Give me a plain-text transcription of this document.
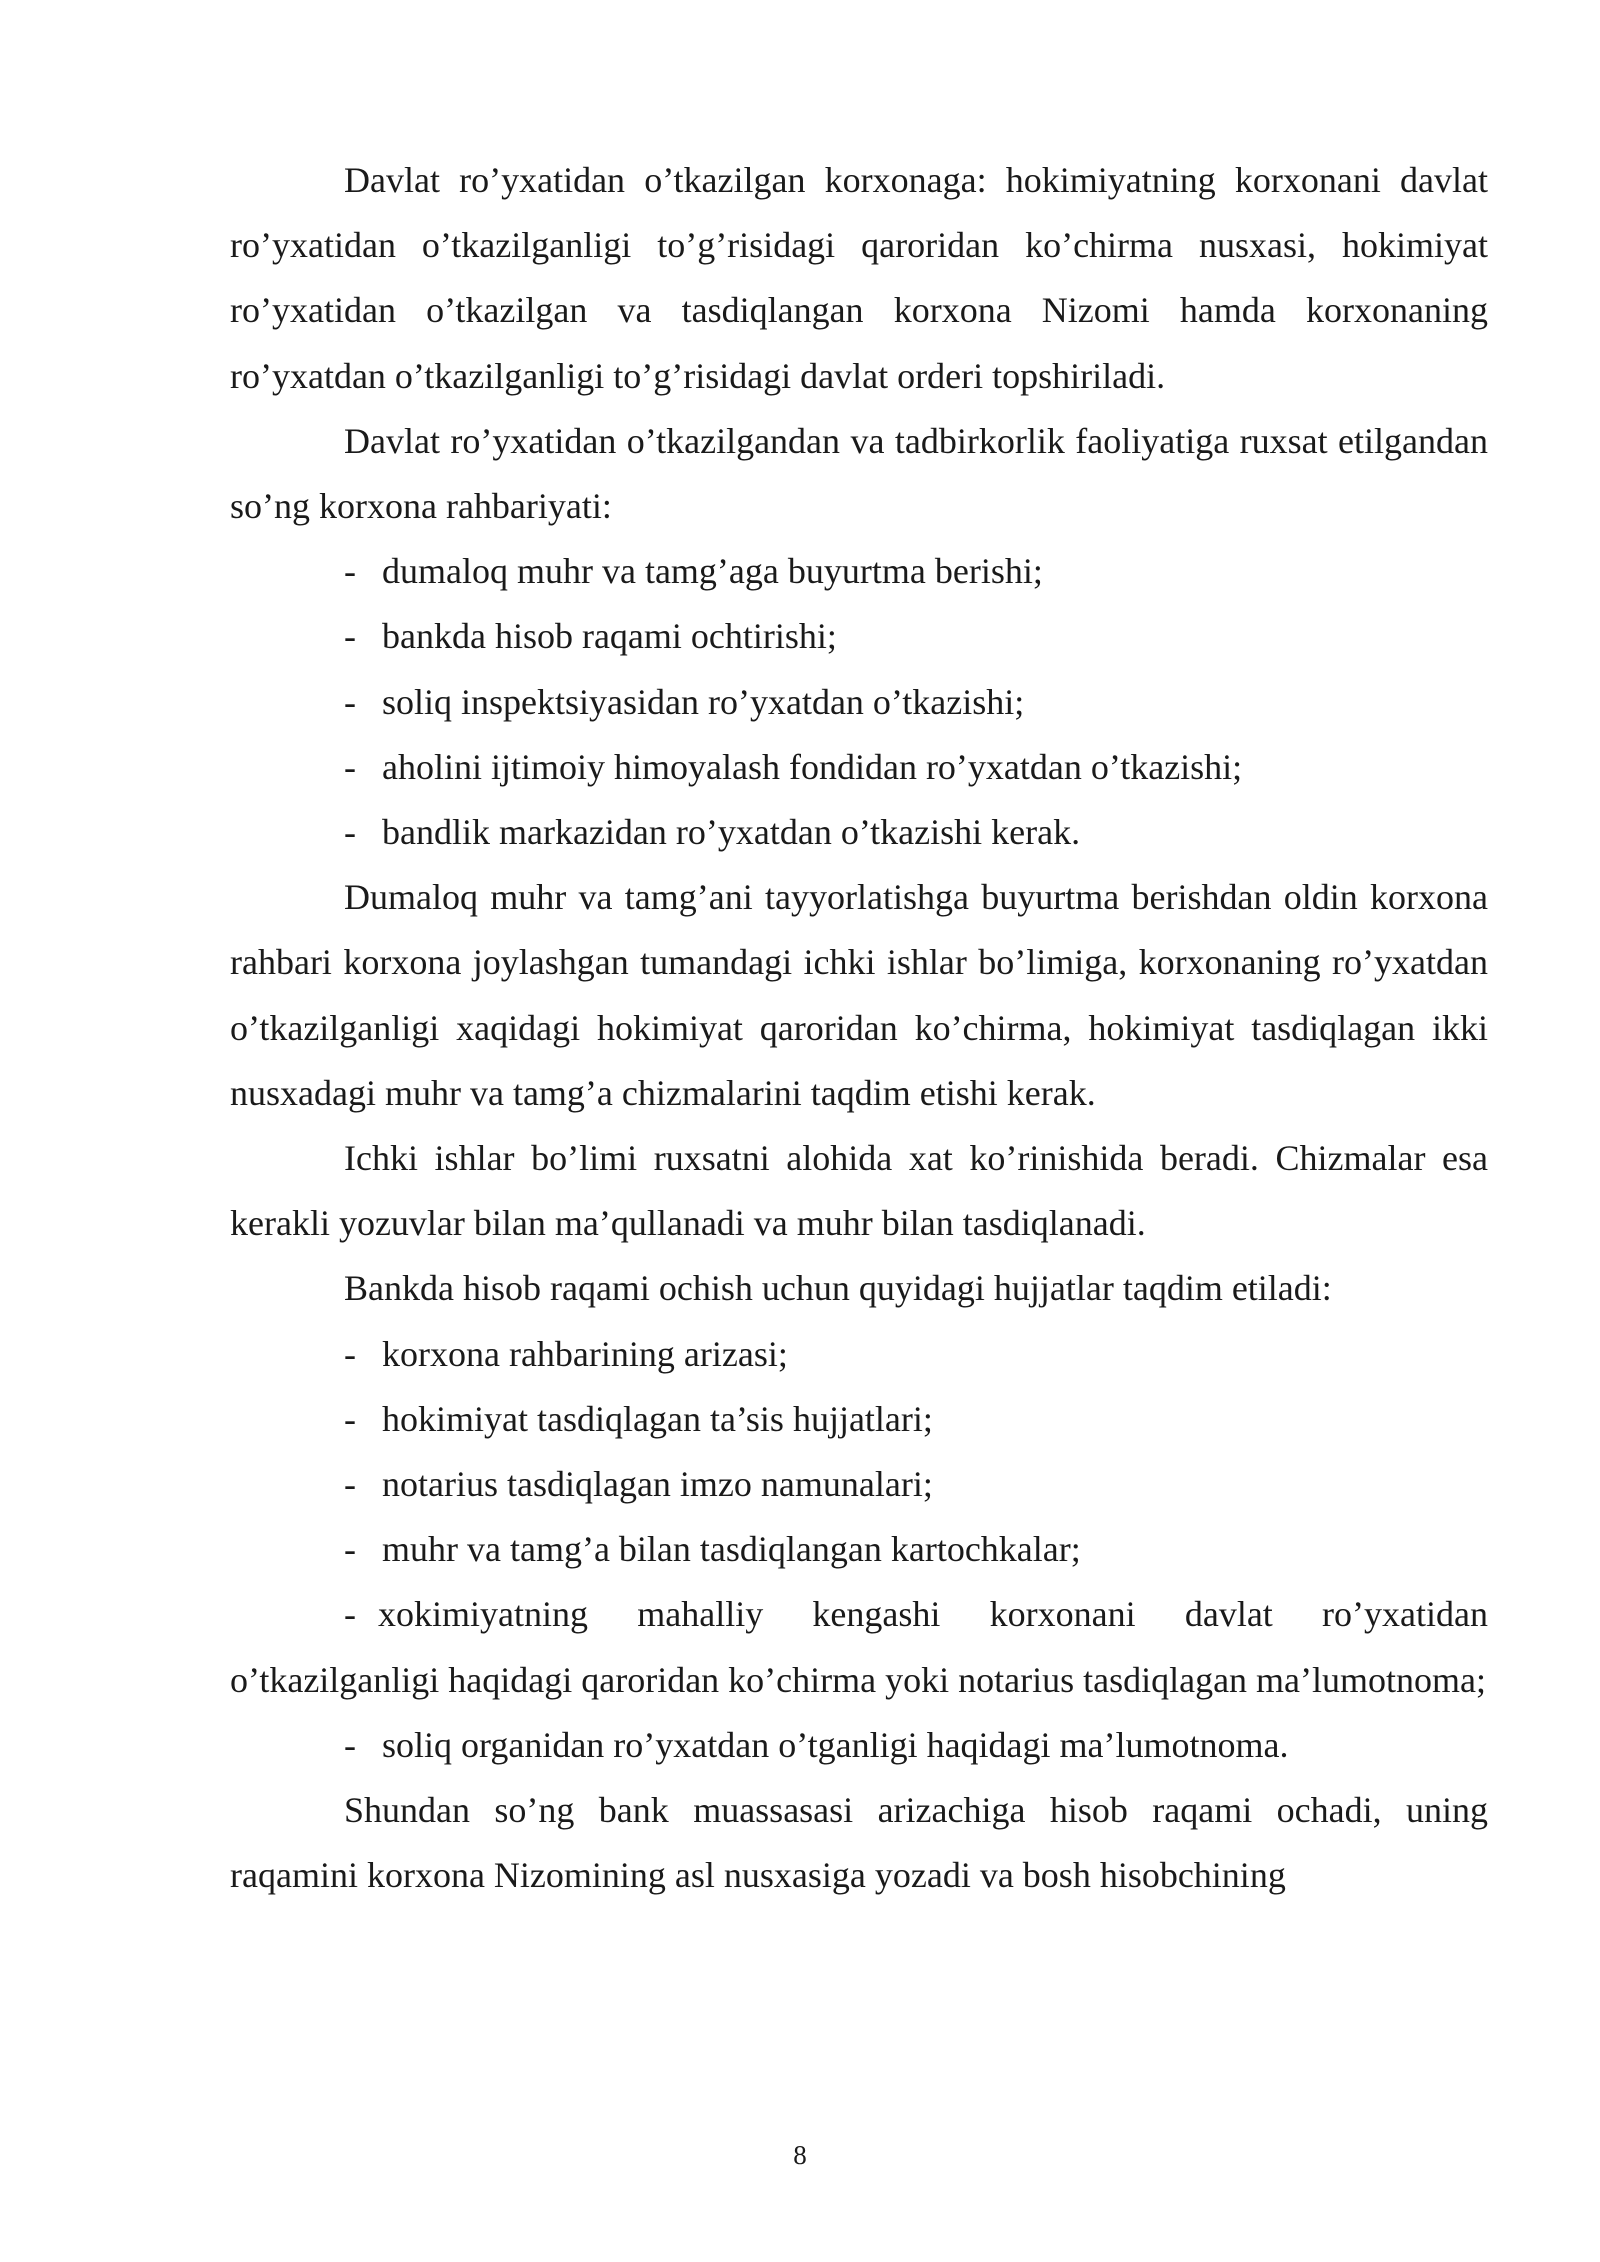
Davlat ro’yxatidan o’tkazilgan korxonaga: hokimiyatning korxonani davlat ro’yxatidan o’tkazilganligi to’g’risidagi qaroridan ko’chirma nusxasi, hokimiyat ro’yxatidan o’tkazilgan va tasdiqlangan korxona Nizomi hamda korxonaning ro’yxatdan o’tkazilganligi to’g’risidagi davlat orderi topshiriladi.

Davlat ro’yxatidan o’tkazilgandan va tadbirkorlik faoliyatiga ruxsat etilgandan so’ng korxona rahbariyati:

- dumaloq muhr va tamg’aga buyurtma berishi;

- bankda hisob raqami ochtirishi;

- soliq inspektsiyasidan ro’yxatdan o’tkazishi;

- aholini ijtimoiy himoyalash fondidan ro’yxatdan o’tkazishi;

- bandlik markazidan ro’yxatdan o’tkazishi kerak.

Dumaloq muhr va tamg’ani tayyorlatishga buyurtma berishdan oldin korxona rahbari korxona joylashgan tumandagi ichki ishlar bo’limiga, korxonaning ro’yxatdan o’tkazilganligi xaqidagi hokimiyat qaroridan ko’chirma, hokimiyat tasdiqlagan ikki nusxadagi muhr va tamg’a chizmalarini taqdim etishi kerak.

Ichki ishlar bo’limi ruxsatni alohida xat ko’rinishida beradi. Chizmalar esa kerakli yozuvlar bilan ma’qullanadi va muhr bilan tasdiqlanadi.

Bankda hisob raqami ochish uchun quyidagi hujjatlar taqdim etiladi:

- korxona rahbarining arizasi;

- hokimiyat tasdiqlagan ta’sis hujjatlari;

- notarius tasdiqlagan imzo namunalari;

- muhr va tamg’a bilan tasdiqlangan kartochkalar;

- xokimiyatning mahalliy kengashi korxonani davlat ro’yxatidan o’tkazilganligi haqidagi qaroridan ko’chirma yoki notarius tasdiqlagan ma’lumotnoma;

- soliq organidan ro’yxatdan o’tganligi haqidagi ma’lumotnoma.

Shundan so’ng bank muassasasi arizachiga hisob raqami ochadi, uning raqamini korxona Nizomining asl nusxasiga yozadi va bosh hisobchining

8
